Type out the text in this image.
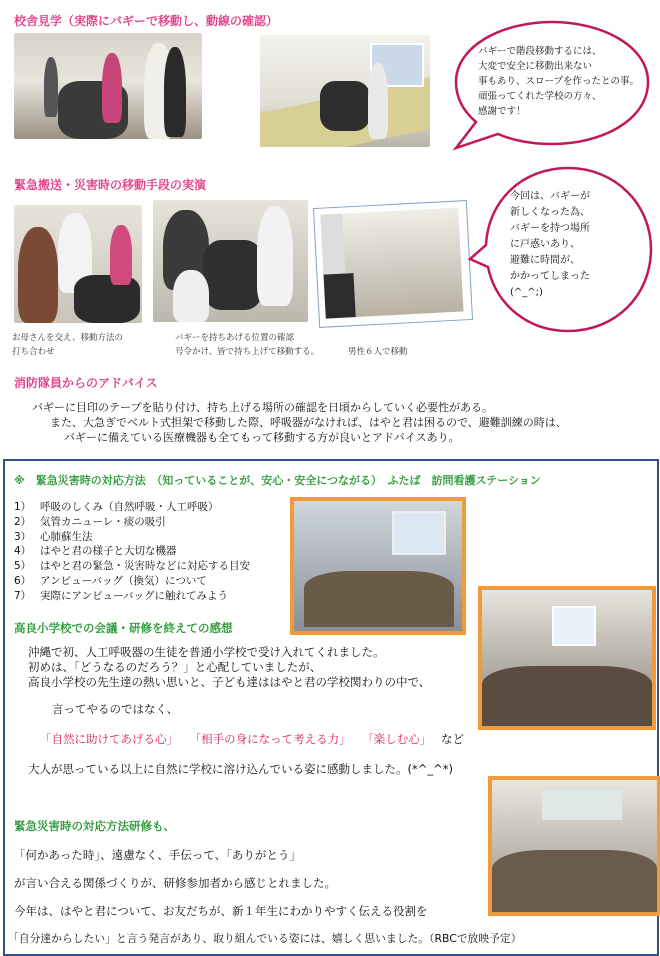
校舎見学（実際にバギーで移動し、動線の確認）
バギーで階段移動するには、
大変で安全に移動出来ない
事もあり、スロープを作ったとの事。
頑張ってくれた学校の方々、
感謝です！
緊急搬送・災害時の移動手段の実演
今回は、バギーが
新しくなった為、
バギーを持つ場所
に戸惑いあり、
避難に時間が、
かかってしまった
(^_^;)
お母さんを交え、移動方法の
打ち合わせ
バギーを持ちあげる位置の確認
号令かけ、皆で持ち上げて移動する。	男性６人で移動
消防隊員からのアドバイス
バギーに目印のテープを貼り付け、持ち上げる場所の確認を日頃からしていく必要性がある。
また、大急ぎでベルト式担架で移動した際、呼吸器がなければ、はやと君は困るので、避難訓練の時は、
バギーに備えている医療機器も全てもって移動する方が良いとアドバイスあり。
※　緊急災害時の対応方法　（知っていることが、安心・安全につながる）　ふたば　訪問看護ステーション
1） 呼吸のしくみ（自然呼吸・人工呼吸）
2） 気管カニューレ・痰の吸引
3） 心肺蘇生法
4） はやと君の様子と大切な機器
5） はやと君の緊急・災害時などに対応する目安
6） アンビューバッグ（換気）について
7） 実際にアンビューバッグに触れてみよう
高良小学校での会議・研修を終えての感想
沖縄で初、人工呼吸器の生徒を普通小学校で受け入れてくれました。
初めは、「どうなるのだろう？」と心配していましたが、
高良小学校の先生達の熱い思いと、子ども達ははやと君の学校関わりの中で、
言ってやるのではなく、
「自然に助けてあげる心」 「相手の身になって考える力」 「楽しむ心」 など
大人が思っている以上に自然に学校に溶け込んでいる姿に感動しました。(*^_^*)
緊急災害時の対応方法研修も、
「何かあった時」、遠慮なく、手伝って、「ありがとう」
が言い合える関係づくりが、研修参加者から感じとれました。
今年は、はやと君について、お友だちが、新１年生にわかりやすく伝える役割を
「自分達からしたい」と言う発言があり、取り組んでいる姿には、嬉しく思いました。（RBCで放映予定）
